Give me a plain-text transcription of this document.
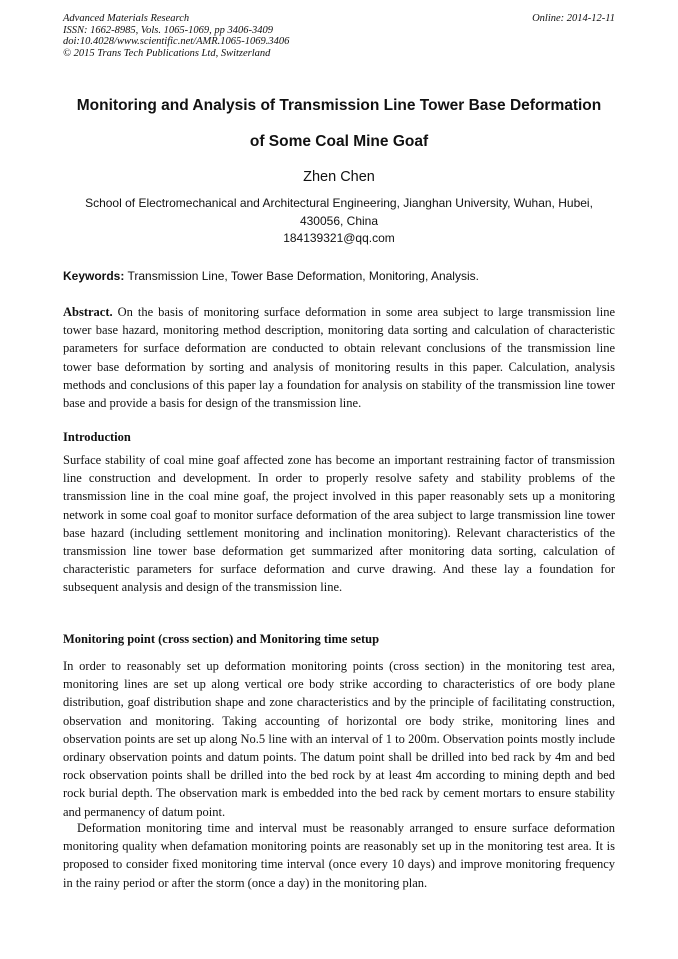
Advanced Materials Research
ISSN: 1662-8985, Vols. 1065-1069, pp 3406-3409
doi:10.4028/www.scientific.net/AMR.1065-1069.3406
© 2015 Trans Tech Publications Ltd, Switzerland
Online: 2014-12-11
Monitoring and Analysis of Transmission Line Tower Base Deformation
of Some Coal Mine Goaf
Zhen Chen
School of Electromechanical and Architectural Engineering, Jianghan University, Wuhan, Hubei, 430056, China
184139321@qq.com
Keywords: Transmission Line, Tower Base Deformation, Monitoring, Analysis.

Abstract. On the basis of monitoring surface deformation in some area subject to large transmission line tower base hazard, monitoring method description, monitoring data sorting and calculation of characteristic parameters for surface deformation are conducted to obtain relevant conclusions of the transmission line tower base deformation by sorting and analysis of monitoring results in this paper. Calculation, analysis methods and conclusions of this paper lay a foundation for analysis on stability of the transmission line tower base and provide a basis for design of the transmission line.

Introduction

Surface stability of coal mine goaf affected zone has become an important restraining factor of transmission line construction and development. In order to properly resolve safety and stability problems of the transmission line in the coal mine goaf, the project involved in this paper reasonably sets up a monitoring network in some coal goaf to monitor surface deformation of the area subject to large transmission line tower base hazard (including settlement monitoring and inclination monitoring). Relevant characteristics of the transmission line tower base deformation get summarized after monitoring data sorting, calculation of characteristic parameters for surface deformation and curve drawing. And these lay a foundation for subsequent analysis and design of the transmission line.

Monitoring point (cross section) and Monitoring time setup

In order to reasonably set up deformation monitoring points (cross section) in the monitoring test area, monitoring lines are set up along vertical ore body strike according to characteristics of ore body plane distribution, goaf distribution shape and zone characteristics and by the principle of facilitating construction, observation and monitoring. Taking accounting of horizontal ore body strike, monitoring lines and observation points are set up along No.5 line with an interval of 1 to 200m. Observation points mostly include ordinary observation points and datum points. The datum point shall be drilled into bed rack by 4m and bed rock observation points shall be drilled into the bed rock by at least 4m according to mining depth and bed rock burial depth. The observation mark is embedded into the bed rack by cement mortars to ensure stability and permanency of datum point.

Deformation monitoring time and interval must be reasonably arranged to ensure surface deformation monitoring quality when defamation monitoring points are reasonably set up in the monitoring test area. It is proposed to consider fixed monitoring time interval (once every 10 days) and improve monitoring frequency in the rainy period or after the storm (once a day) in the monitoring plan.
